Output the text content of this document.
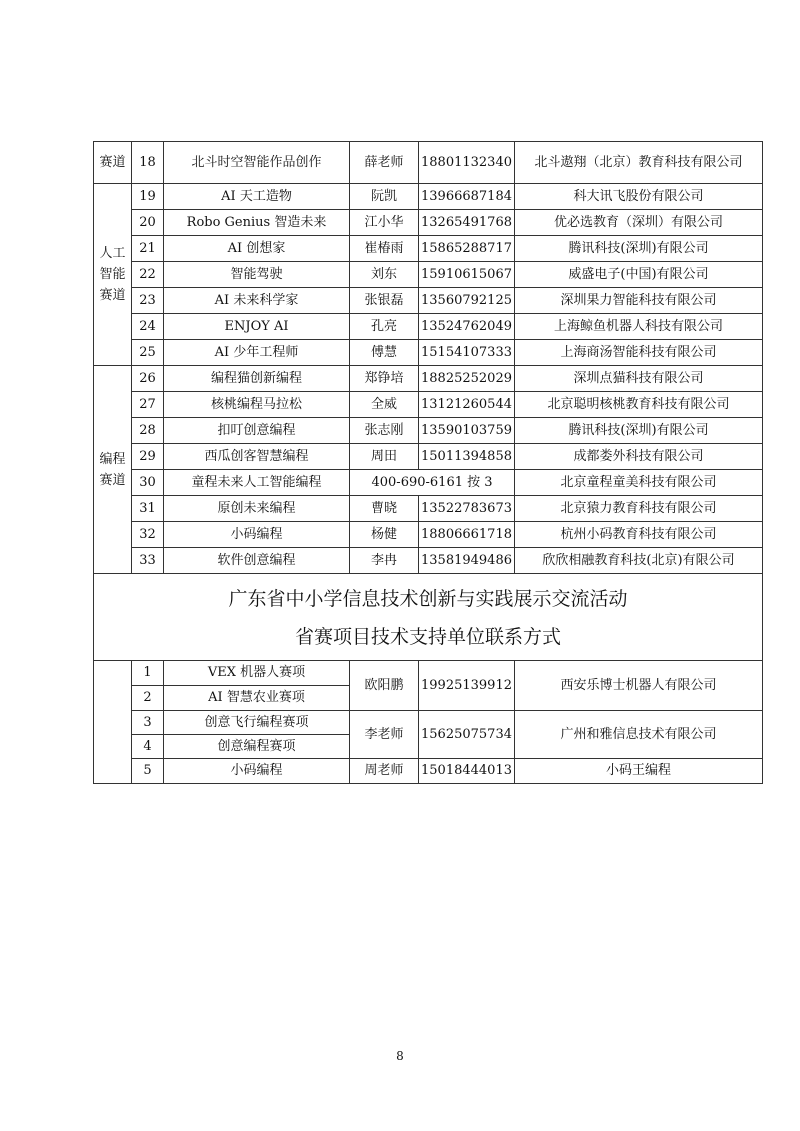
赛道	18	北斗时空智能作品创作	薛老师	18801132340	北斗遨翔（北京）教育科技有限公司
人工智能赛道	19	AI 天工造物	阮凯	13966687184	科大讯飞股份有限公司
	20	Robo Genius 智造未来	江小华	13265491768	优必选教育（深圳）有限公司
	21	AI 创想家	崔椿雨	15865288717	腾讯科技(深圳)有限公司
	22	智能驾驶	刘东	15910615067	威盛电子(中国)有限公司
	23	AI 未来科学家	张银磊	13560792125	深圳果力智能科技有限公司
	24	ENJOY AI	孔亮	13524762049	上海鲸鱼机器人科技有限公司
	25	AI 少年工程师	傅慧	15154107333	上海商汤智能科技有限公司
编程赛道	26	编程猫创新编程	郑铮培	18825252029	深圳点猫科技有限公司
	27	核桃编程马拉松	全威	13121260544	北京聪明核桃教育科技有限公司
	28	扣叮创意编程	张志刚	13590103759	腾讯科技(深圳)有限公司
	29	西瓜创客智慧编程	周田	15011394858	成都娄外科技有限公司
	30	童程未来人工智能编程	400-690-6161 按 3		北京童程童美科技有限公司
	31	原创未来编程	曹晓	13522783673	北京猿力教育科技有限公司
	32	小码编程	杨健	18806661718	杭州小码教育科技有限公司
	33	软件创意编程	李冉	13581949486	欣欣相融教育科技(北京)有限公司

广东省中小学信息技术创新与实践展示交流活动
省赛项目技术支持单位联系方式					

	1	VEX 机器人赛项	欧阳鹏	19925139912	西安乐博士机器人有限公司
	2	AI 智慧农业赛项			
	3	创意飞行编程赛项	李老师	15625075734	广州和雅信息技术有限公司
	4	创意编程赛项			
	5	小码编程	周老师	15018444013	小码王编程
8
